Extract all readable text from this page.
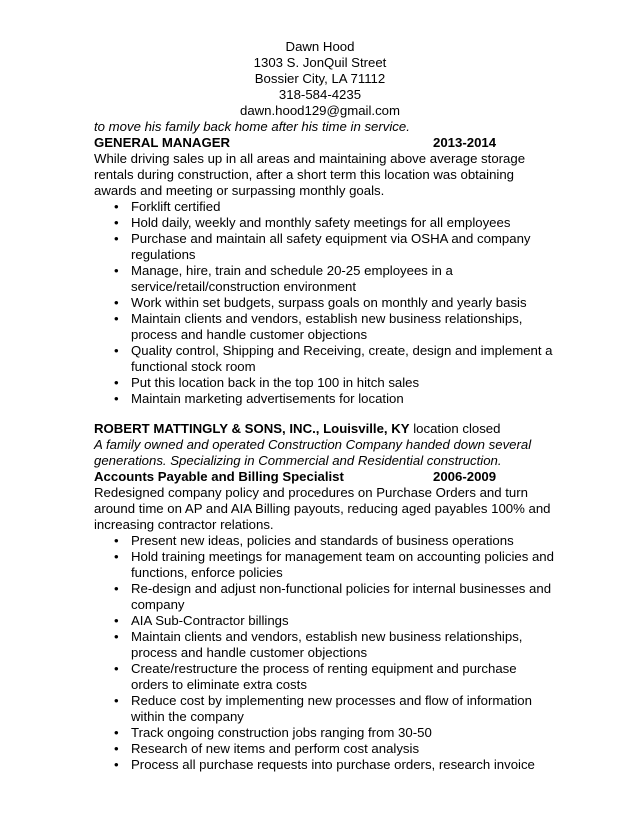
Dawn Hood
1303 S. JonQuil Street
Bossier City, LA 71112
318-584-4235
dawn.hood129@gmail.com
to move his family back home after his time in service.
GENERAL MANAGER	2013-2014
While driving sales up in all areas and maintaining above average storage rentals during construction, after a short term this location was obtaining awards and meeting or surpassing monthly goals.
• Forklift certified
• Hold daily, weekly and monthly safety meetings for all employees
• Purchase and maintain all safety equipment via OSHA and company regulations
• Manage, hire, train and schedule 20-25 employees in a service/retail/construction environment
• Work within set budgets, surpass goals on monthly and yearly basis
• Maintain clients and vendors, establish new business relationships, process and handle customer objections
• Quality control, Shipping and Receiving, create, design and implement a functional stock room
• Put this location back in the top 100 in hitch sales
• Maintain marketing advertisements for location
ROBERT MATTINGLY & SONS, INC., Louisville, KY location closed
A family owned and operated Construction Company handed down several generations. Specializing in Commercial and Residential construction.
Accounts Payable and Billing Specialist	2006-2009
Redesigned company policy and procedures on Purchase Orders and turn around time on AP and AIA Billing payouts, reducing aged payables 100% and increasing contractor relations.
• Present new ideas, policies and standards of business operations
• Hold training meetings for management team on accounting policies and functions, enforce policies
• Re-design and adjust non-functional policies for internal businesses and company
• AIA Sub-Contractor billings
• Maintain clients and vendors, establish new business relationships, process and handle customer objections
• Create/restructure the process of renting equipment and purchase orders to eliminate extra costs
• Reduce cost by implementing new processes and flow of information within the company
• Track ongoing construction jobs ranging from 30-50
• Research of new items and perform cost analysis
• Process all purchase requests into purchase orders, research invoice
